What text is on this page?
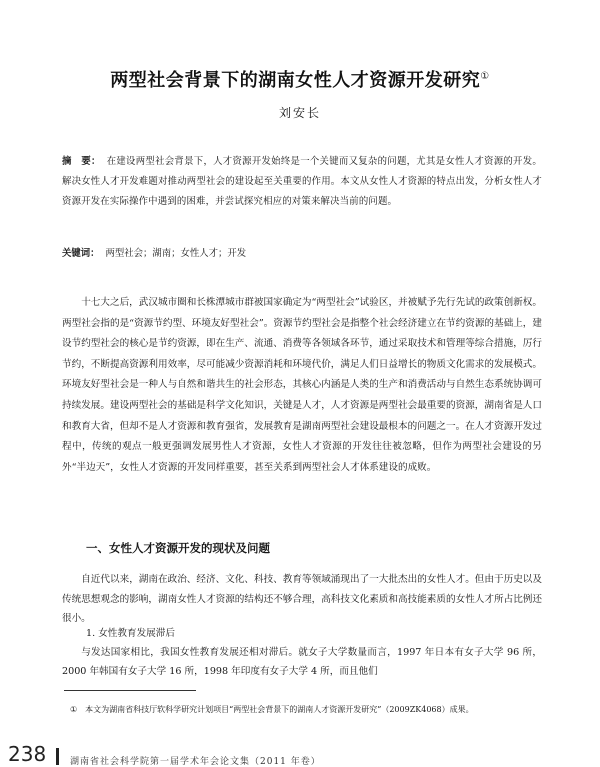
两型社会背景下的湖南女性人才资源开发研究①
刘安长
摘　要： 在建设两型社会背景下，人才资源开发始终是一个关键而又复杂的问题，尤其是女性人才资源的开发。解决女性人才开发难题对推动两型社会的建设起至关重要的作用。本文从女性人才资源的特点出发，分析女性人才资源开发在实际操作中遇到的困难，并尝试探究相应的对策来解决当前的问题。
关键词： 两型社会；湖南；女性人才；开发
十七大之后，武汉城市圈和长株潭城市群被国家确定为“两型社会”试验区，并被赋予先行先试的政策创新权。两型社会指的是“资源节约型、环境友好型社会”。资源节约型社会是指整个社会经济建立在节约资源的基础上，建设节约型社会的核心是节约资源，即在生产、流通、消费等各领域各环节，通过采取技术和管理等综合措施，厉行节约，不断提高资源利用效率，尽可能减少资源消耗和环境代价，满足人们日益增长的物质文化需求的发展模式。环境友好型社会是一种人与自然和谐共生的社会形态，其核心内涵是人类的生产和消费活动与自然生态系统协调可持续发展。建设两型社会的基础是科学文化知识，关键是人才，人才资源是两型社会最重要的资源，湖南省是人口和教育大省，但却不是人才资源和教育强省，发展教育是湖南两型社会建设最根本的问题之一。在人才资源开发过程中，传统的观点一般更强调发展男性人才资源，女性人才资源的开发往往被忽略，但作为两型社会建设的另外“半边天”，女性人才资源的开发同样重要，甚至关系到两型社会人才体系建设的成败。
一、女性人才资源开发的现状及问题
自近代以来，湖南在政治、经济、文化、科技、教育等领域涌现出了一大批杰出的女性人才。但由于历史以及传统思想观念的影响，湖南女性人才资源的结构还不够合理，高科技文化素质和高技能素质的女性人才所占比例还很小。
1. 女性教育发展滞后
与发达国家相比，我国女性教育发展还相对滞后。就女子大学数量而言，1997 年日本有女子大学 96 所，2000 年韩国有女子大学 16 所，1998 年印度有女子大学 4 所，而且他们
① 本文为湖南省科技厅软科学研究计划项目“两型社会背景下的湖南人才资源开发研究”（2009ZK4068）成果。
238	湖南省社会科学院第一届学术年会论文集（2011 年卷）
